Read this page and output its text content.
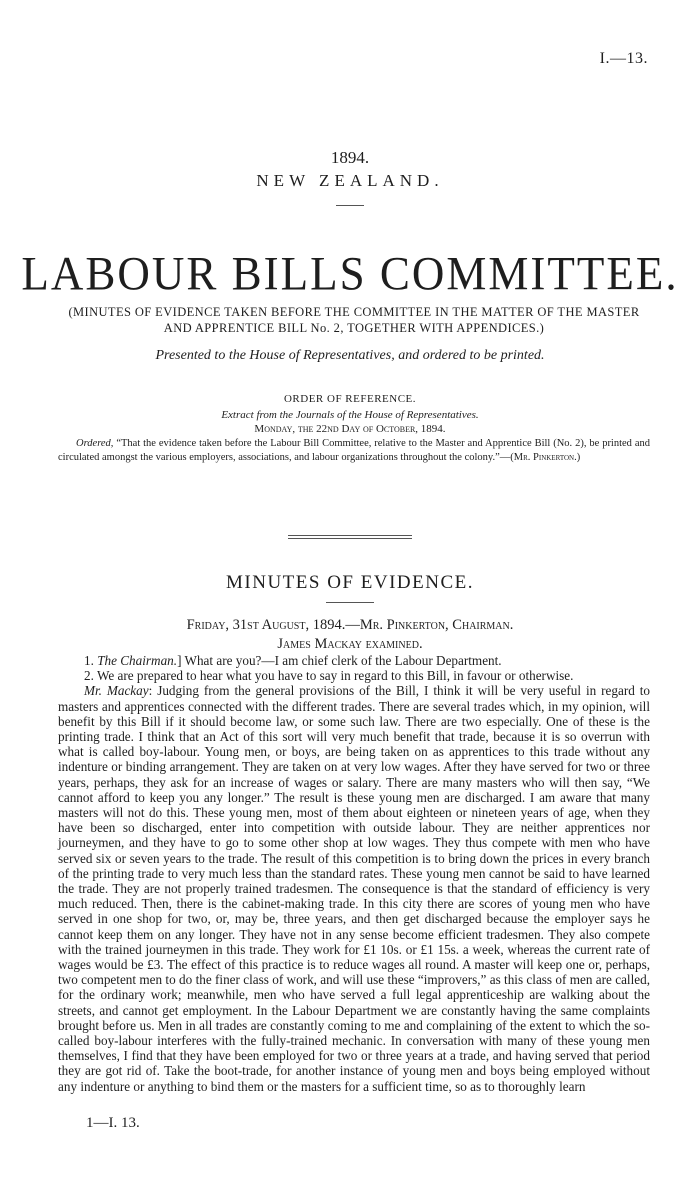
I.—13.
1894.
NEW ZEALAND.
LABOUR BILLS COMMITTEE.
(MINUTES OF EVIDENCE TAKEN BEFORE THE COMMITTEE IN THE MATTER OF THE MASTER AND APPRENTICE BILL No. 2, TOGETHER WITH APPENDICES.)
Presented to the House of Representatives, and ordered to be printed.
ORDER OF REFERENCE.
Extract from the Journals of the House of Representatives.
Monday, the 22nd Day of October, 1894.
Ordered, “That the evidence taken before the Labour Bill Committee, relative to the Master and Apprentice Bill (No. 2), be printed and circulated amongst the various employers, associations, and labour organizations throughout the colony.”—(Mr. Pinkerton.)
MINUTES OF EVIDENCE.
Friday, 31st August, 1894.—Mr. Pinkerton, Chairman.
James Mackay examined.

1. The Chairman.] What are you?—I am chief clerk of the Labour Department.

2. We are prepared to hear what you have to say in regard to this Bill, in favour or otherwise.

Mr. Mackay: Judging from the general provisions of the Bill, I think it will be very useful in regard to masters and apprentices connected with the different trades. There are several trades which, in my opinion, will benefit by this Bill if it should become law, or some such law. There are two especially. One of these is the printing trade. I think that an Act of this sort will very much benefit that trade, because it is so overrun with what is called boy-labour. Young men, or boys, are being taken on as apprentices to this trade without any indenture or binding arrangement. They are taken on at very low wages. After they have served for two or three years, perhaps, they ask for an increase of wages or salary. There are many masters who will then say, “We cannot afford to keep you any longer.” The result is these young men are discharged. I am aware that many masters will not do this. These young men, most of them about eighteen or nineteen years of age, when they have been so discharged, enter into competition with outside labour. They are neither apprentices nor journeymen, and they have to go to some other shop at low wages. They thus compete with men who have served six or seven years to the trade. The result of this competition is to bring down the prices in every branch of the printing trade to very much less than the standard rates. These young men cannot be said to have learned the trade. They are not properly trained tradesmen. The consequence is that the standard of efficiency is very much reduced. Then, there is the cabinet-making trade. In this city there are scores of young men who have served in one shop for two, or, may be, three years, and then get discharged because the employer says he cannot keep them on any longer. They have not in any sense become efficient tradesmen. They also compete with the trained journeymen in this trade. They work for £1 10s. or £1 15s. a week, whereas the current rate of wages would be £3. The effect of this practice is to reduce wages all round. A master will keep one or, perhaps, two competent men to do the finer class of work, and will use these “improvers,” as this class of men are called, for the ordinary work; meanwhile, men who have served a full legal apprenticeship are walking about the streets, and cannot get employment. In the Labour Department we are constantly having the same complaints brought before us. Men in all trades are constantly coming to me and complaining of the extent to which the so-called boy-labour interferes with the fully-trained mechanic. In conversation with many of these young men themselves, I find that they have been employed for two or three years at a trade, and having served that period they are got rid of. Take the boot-trade, for another instance of young men and boys being employed without any indenture or anything to bind them or the masters for a sufficient time, so as to thoroughly learn

1—I. 13.
